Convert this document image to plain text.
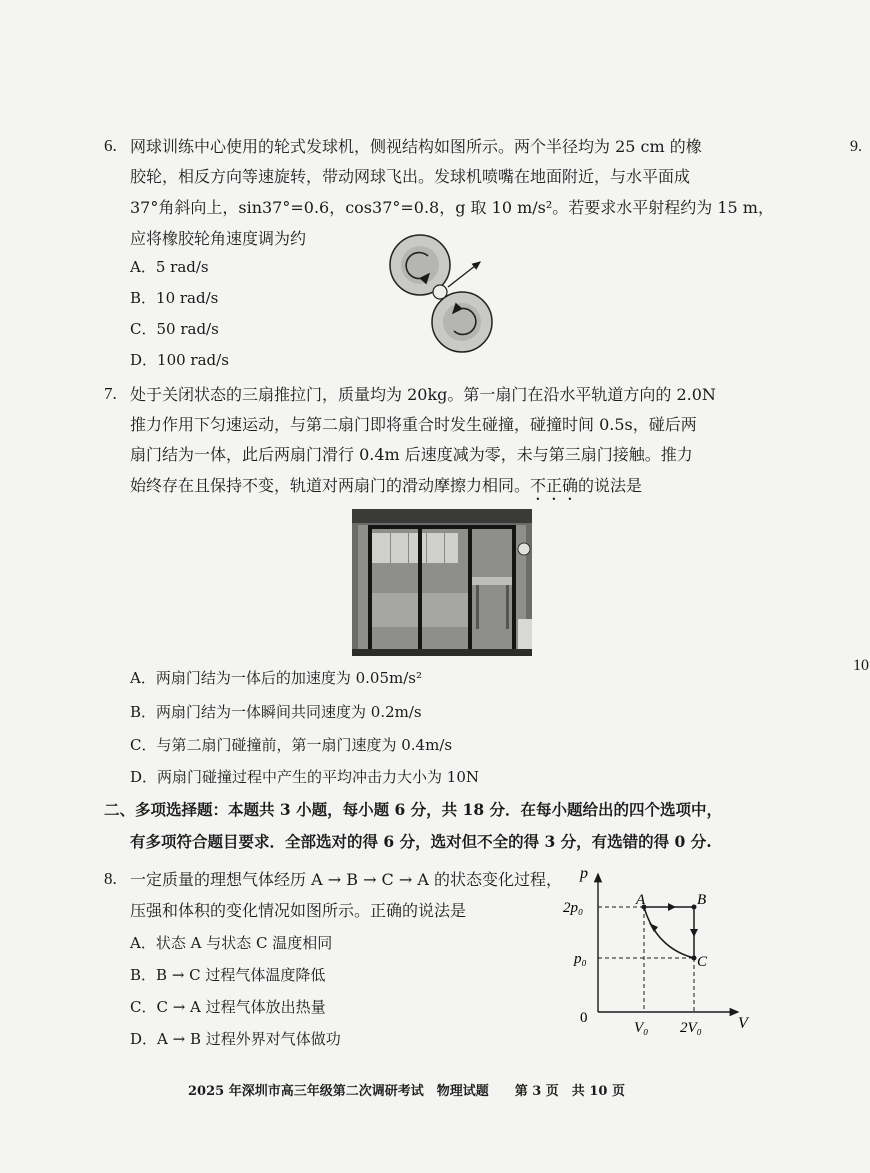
6. 网球训练中心使用的轮式发球机，侧视结构如图所示。两个半径均为 25 cm 的橡
胶轮，相反方向等速旋转，带动网球飞出。发球机喷嘴在地面附近，与水平面成
37°角斜向上，sin37°=0.6，cos37°=0.8，g 取 10 m/s²。若要求水平射程约为 15 m，
应将橡胶轮角速度调为约
A．5 rad/s
B．10 rad/s
C．50 rad/s
D．100 rad/s
7. 处于关闭状态的三扇推拉门，质量均为 20kg。第一扇门在沿水平轨道方向的 2.0N
推力作用下匀速运动，与第二扇门即将重合时发生碰撞，碰撞时间 0.5s，碰后两
扇门结为一体，此后两扇门滑行 0.4m 后速度减为零，未与第三扇门接触。推力
始终存在且保持不变，轨道对两扇门的滑动摩擦力相同。不正确的说法是
A．两扇门结为一体后的加速度为 0.05m/s²
B．两扇门结为一体瞬间共同速度为 0.2m/s
C．与第二扇门碰撞前，第一扇门速度为 0.4m/s
D．两扇门碰撞过程中产生的平均冲击力大小为 10N
二、多项选择题：本题共 3 小题，每小题 6 分，共 18 分．在每小题给出的四个选项中，
有多项符合题目要求．全部选对的得 6 分，选对但不全的得 3 分，有选错的得 0 分.
8. 一定质量的理想气体经历 A → B → C → A 的状态变化过程，
压强和体积的变化情况如图所示。正确的说法是
A．状态 A 与状态 C 温度相同
B．B → C 过程气体温度降低
C．C → A 过程气体放出热量
D．A → B 过程外界对气体做功
p
V
0
2p₀
p₀
V₀ 2V₀
A	B
C
9.
10
2025 年深圳市高三年级第二次调研考试　物理试题　　第 3 页　共 10 页
